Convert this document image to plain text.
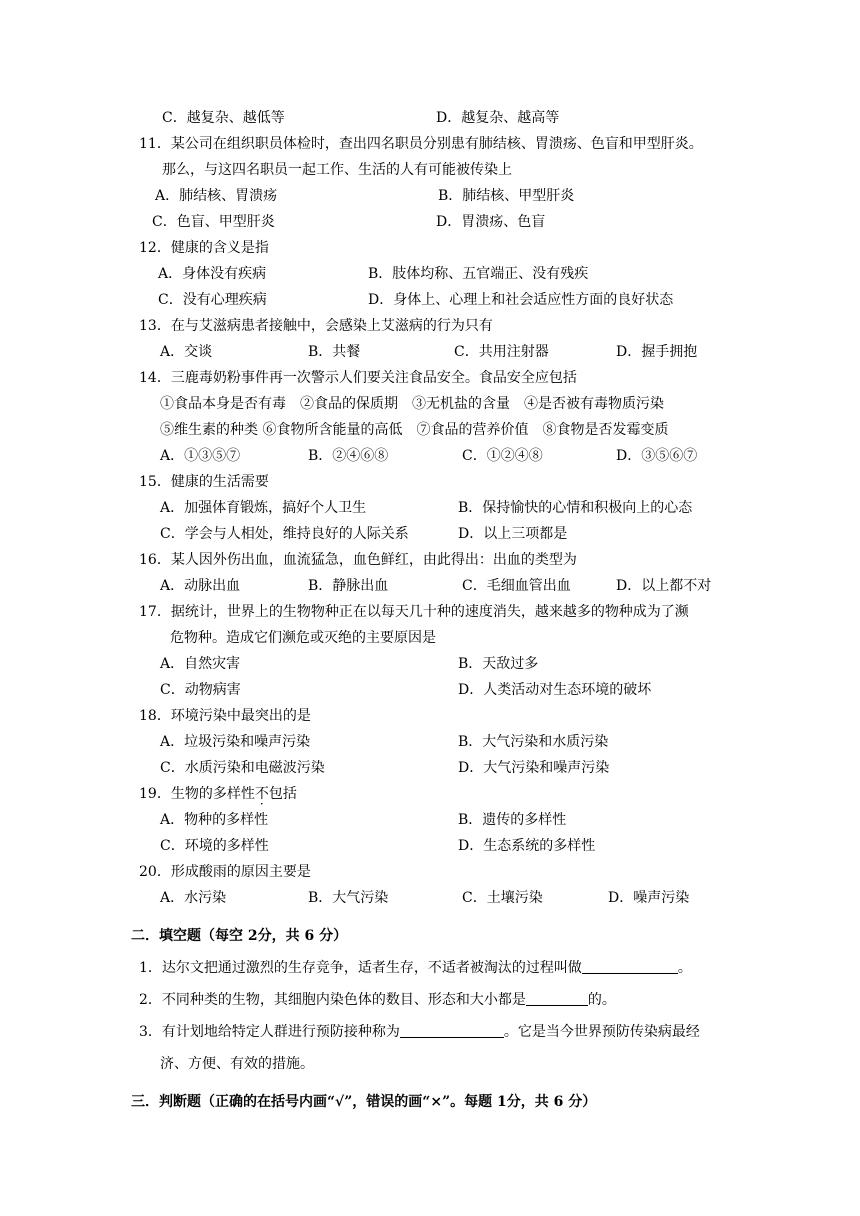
C．越复杂、越低等	D．越复杂、越高等
11．某公司在组织职员体检时，查出四名职员分别患有肺结核、胃溃疡、色盲和甲型肝炎。
那么，与这四名职员一起工作、生活的人有可能被传染上
A．肺结核、胃溃疡	B．肺结核、甲型肝炎
C．色盲、甲型肝炎	D．胃溃疡、色盲
12．健康的含义是指
A．身体没有疾病	B．肢体均称、五官端正、没有残疾
C．没有心理疾病	D．身体上、心理上和社会适应性方面的良好状态
13．在与艾滋病患者接触中，会感染上艾滋病的行为只有
A．交谈	B．共餐	C．共用注射器	D．握手拥抱
14．三鹿毒奶粉事件再一次警示人们要关注食品安全。食品安全应包括
①食品本身是否有毒　②食品的保质期　③无机盐的含量　④是否被有毒物质污染
⑤维生素的种类 ⑥食物所含能量的高低　⑦食品的营养价值　⑧食物是否发霉变质
A．①③⑤⑦	B．②④⑥⑧	C．①②④⑧	D．③⑤⑥⑦
15．健康的生活需要
A．加强体育锻炼，搞好个人卫生	B．保持愉快的心情和积极向上的心态
C．学会与人相处，维持良好的人际关系	D．以上三项都是
16．某人因外伤出血，血流猛急，血色鲜红，由此得出：出血的类型为
A．动脉出血	B．静脉出血	C．毛细血管出血	D．以上都不对
17．据统计，世界上的生物物种正在以每天几十种的速度消失，越来越多的物种成为了濒
危物种。造成它们濒危或灭绝的主要原因是
A．自然灾害	B．天敌过多
C．动物病害	D．人类活动对生态环境的破坏
18．环境污染中最突出的是
A．垃圾污染和噪声污染	B．大气污染和水质污染
C．水质污染和电磁波污染	D．大气污染和噪声污染
19．生物的多样性不包括
A．物种的多样性	B．遗传的多样性
C．环境的多样性	D．生态系统的多样性
20．形成酸雨的原因主要是
A．水污染	B．大气污染	C．土壤污染	D．噪声污染
二．填空题（每空 2分，共 6 分）
1．达尔文把通过激烈的生存竞争，适者生存，不适者被淘汰的过程叫做	。
2．不同种类的生物，其细胞内染色体的数目、形态和大小都是	的。
3．有计划地给特定人群进行预防接种称为	。它是当今世界预防传染病最经
济、方便、有效的措施。
三．判断题（正确的在括号内画“√”，错误的画“×”。每题 1分，共 6 分）
